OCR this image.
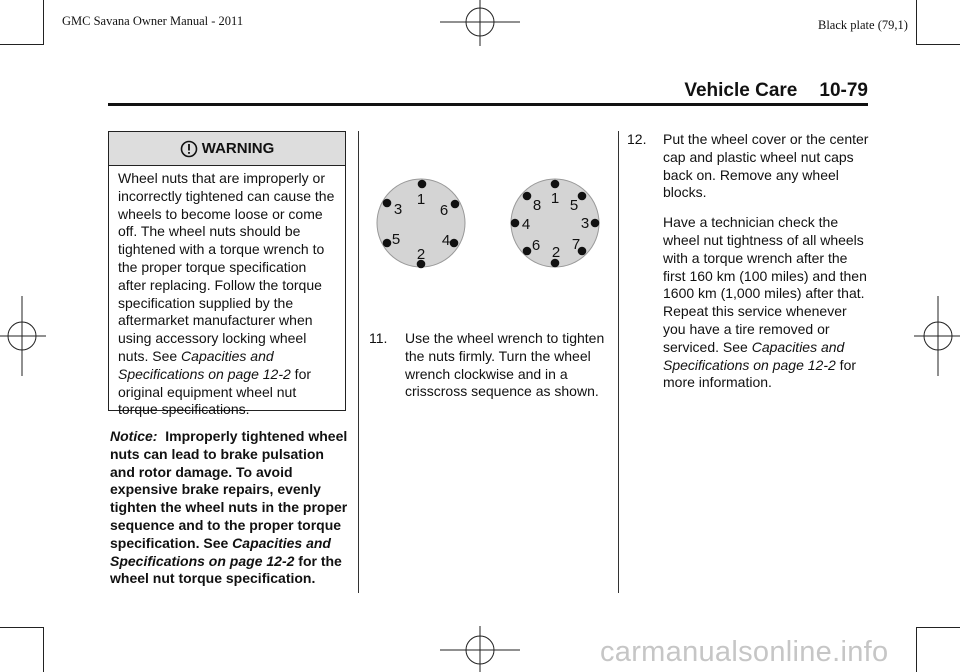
GMC Savana Owner Manual - 2011	Black plate (79,1)
Vehicle Care 10-79
WARNING
Wheel nuts that are improperly or incorrectly tightened can cause the wheels to become loose or come off. The wheel nuts should be tightened with a torque wrench to the proper torque specification after replacing. Follow the torque specification supplied by the aftermarket manufacturer when using accessory locking wheel nuts. See Capacities and Specifications on page 12-2 for original equipment wheel nut torque specifications.
Notice: Improperly tightened wheel nuts can lead to brake pulsation and rotor damage. To avoid expensive brake repairs, evenly tighten the wheel nuts in the proper sequence and to the proper torque specification. See Capacities and Specifications on page 12-2 for the wheel nut torque specification.
1
2
3
4
5
6
1
2
3
4
5
6 7
8
11.	Use the wheel wrench to tighten the nuts firmly. Turn the wheel wrench clockwise and in a crisscross sequence as shown.
12.	Put the wheel cover or the center cap and plastic wheel nut caps back on. Remove any wheel blocks.
Have a technician check the wheel nut tightness of all wheels with a torque wrench after the first 160 km (100 miles) and then 1600 km (1,000 miles) after that. Repeat this service whenever you have a tire removed or serviced. See Capacities and Specifications on page 12-2 for more information.
carmanualsonline.info
